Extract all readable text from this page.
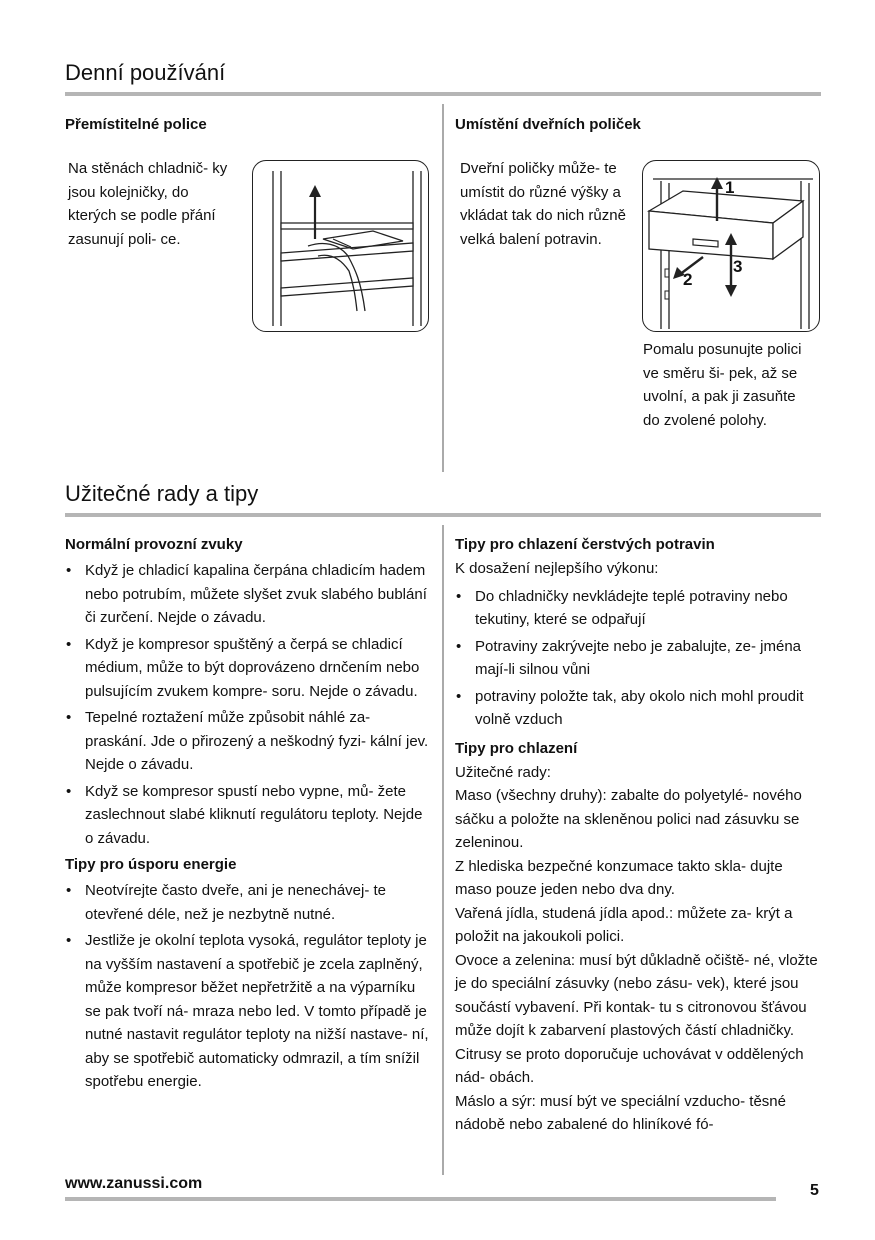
Denní používání
Přemístitelné police
Na stěnách chladnič- ky jsou kolejničky, do kterých se podle přání zasunují poli- ce.
Umístění dveřních poliček
Dveřní poličky může- te umístit do různé výšky a vkládat tak do nich různě velká balení potravin.
1
2
3
Pomalu posunujte polici ve směru ši- pek, až se uvolní, a pak ji zasuňte do zvolené polohy.
Užitečné rady a tipy
Normální provozní zvuky
• Když je chladicí kapalina čerpána chladicím hadem nebo potrubím, můžete slyšet zvuk slabého bublání či zurčení. Nejde o závadu.
• Když je kompresor spuštěný a čerpá se chladicí médium, může to být doprovázeno drnčením nebo pulsujícím zvukem kompre- soru. Nejde o závadu.
• Tepelné roztažení může způsobit náhlé za- praskání. Jde o přirozený a neškodný fyzi- kální jev. Nejde o závadu.
• Když se kompresor spustí nebo vypne, mů- žete zaslechnout slabé kliknutí regulátoru teploty. Nejde o závadu.
Tipy pro úsporu energie
• Neotvírejte často dveře, ani je nenechávej- te otevřené déle, než je nezbytně nutné.
• Jestliže je okolní teplota vysoká, regulátor teploty je na vyšším nastavení a spotřebič je zcela zaplněný, může kompresor běžet nepřetržitě a na výparníku se pak tvoří ná- mraza nebo led. V tomto případě je nutné nastavit regulátor teploty na nižší nastave- ní, aby se spotřebič automaticky odmrazil, a tím snížil spotřebu energie.
Tipy pro chlazení čerstvých potravin

K dosažení nejlepšího výkonu:

• Do chladničky nevkládejte teplé potraviny nebo tekutiny, které se odpařují
• Potraviny zakrývejte nebo je zabalujte, ze- jména mají-li silnou vůni
• potraviny položte tak, aby okolo nich mohl proudit volně vzduch
Tipy pro chlazení

Užitečné rady:

Maso (všechny druhy): zabalte do polyetylé- nového sáčku a položte na skleněnou polici nad zásuvku se zeleninou.

Z hlediska bezpečné konzumace takto skla- dujte maso pouze jeden nebo dva dny.

Vařená jídla, studená jídla apod.: můžete za- krýt a položit na jakoukoli polici.

Ovoce a zelenina: musí být důkladně očiště- né, vložte je do speciální zásuvky (nebo zásu- vek), které jsou součástí vybavení. Při kontak- tu s citronovou šťávou může dojít k zabarvení plastových částí chladničky. Citrusy se proto doporučuje uchovávat v oddělených nád- obách.

Máslo a sýr: musí být ve speciální vzducho- těsné nádobě nebo zabalené do hliníkové fó-

www.zanussi.com	5
